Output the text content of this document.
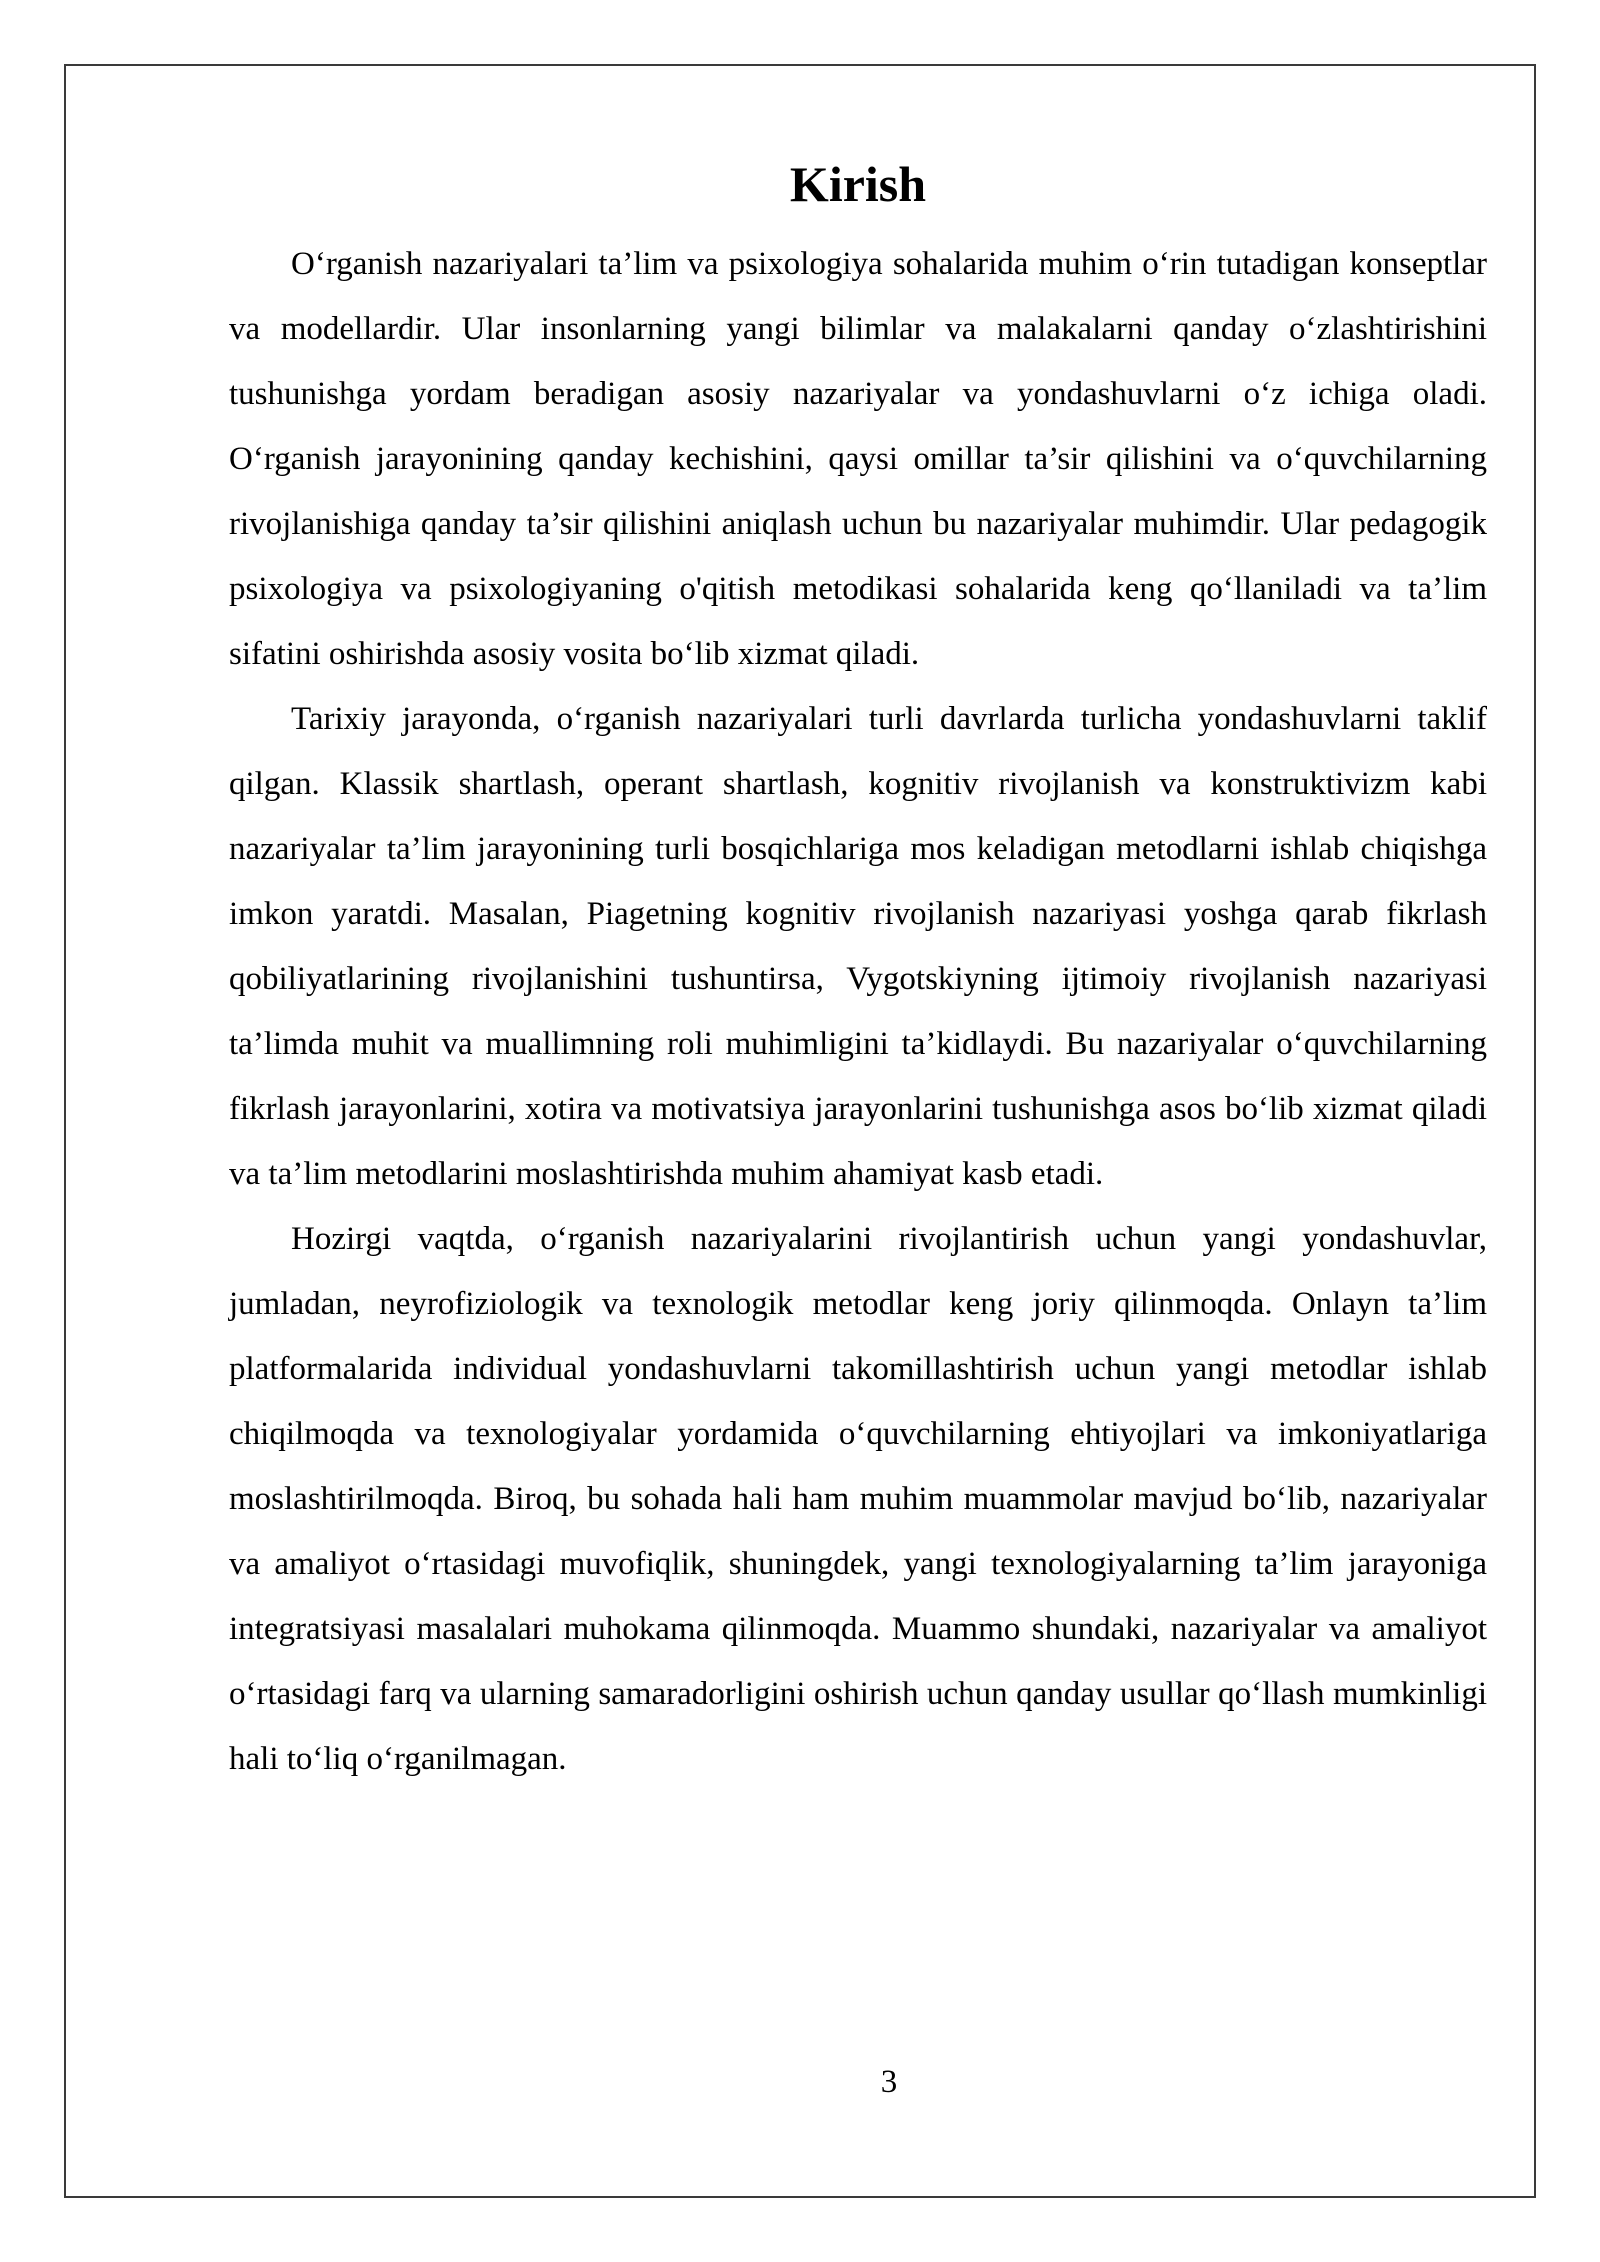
Kirish

O‘rganish nazariyalari ta’lim va psixologiya sohalarida muhim o‘rin tutadigan konseptlar va modellardir. Ular insonlarning yangi bilimlar va malakalarni qanday o‘zlashtirishini tushunishga yordam beradigan asosiy nazariyalar va yondashuvlarni o‘z ichiga oladi. O‘rganish jarayonining qanday kechishini, qaysi omillar ta’sir qilishini va o‘quvchilarning rivojlanishiga qanday ta’sir qilishini aniqlash uchun bu nazariyalar muhimdir. Ular pedagogik psixologiya va psixologiyaning o'qitish metodikasi sohalarida keng qo‘llaniladi va ta’lim sifatini oshirishda asosiy vosita bo‘lib xizmat qiladi.

Tarixiy jarayonda, o‘rganish nazariyalari turli davrlarda turlicha yondashuvlarni taklif qilgan. Klassik shartlash, operant shartlash, kognitiv rivojlanish va konstruktivizm kabi nazariyalar ta’lim jarayonining turli bosqichlariga mos keladigan metodlarni ishlab chiqishga imkon yaratdi. Masalan, Piagetning kognitiv rivojlanish nazariyasi yoshga qarab fikrlash qobiliyatlarining rivojlanishini tushuntirsa, Vygotskiyning ijtimoiy rivojlanish nazariyasi ta’limda muhit va muallimning roli muhimligini ta’kidlaydi. Bu nazariyalar o‘quvchilarning fikrlash jarayonlarini, xotira va motivatsiya jarayonlarini tushunishga asos bo‘lib xizmat qiladi va ta’lim metodlarini moslashtirishda muhim ahamiyat kasb etadi.

Hozirgi vaqtda, o‘rganish nazariyalarini rivojlantirish uchun yangi yondashuvlar, jumladan, neyrofiziologik va texnologik metodlar keng joriy qilinmoqda. Onlayn ta’lim platformalarida individual yondashuvlarni takomillashtirish uchun yangi metodlar ishlab chiqilmoqda va texnologiyalar yordamida o‘quvchilarning ehtiyojlari va imkoniyatlariga moslashtirilmoqda. Biroq, bu sohada hali ham muhim muammolar mavjud bo‘lib, nazariyalar va amaliyot o‘rtasidagi muvofiqlik, shuningdek, yangi texnologiyalarning ta’lim jarayoniga integratsiyasi masalalari muhokama qilinmoqda. Muammo shundaki, nazariyalar va amaliyot o‘rtasidagi farq va ularning samaradorligini oshirish uchun qanday usullar qo‘llash mumkinligi hali to‘liq o‘rganilmagan.

3
